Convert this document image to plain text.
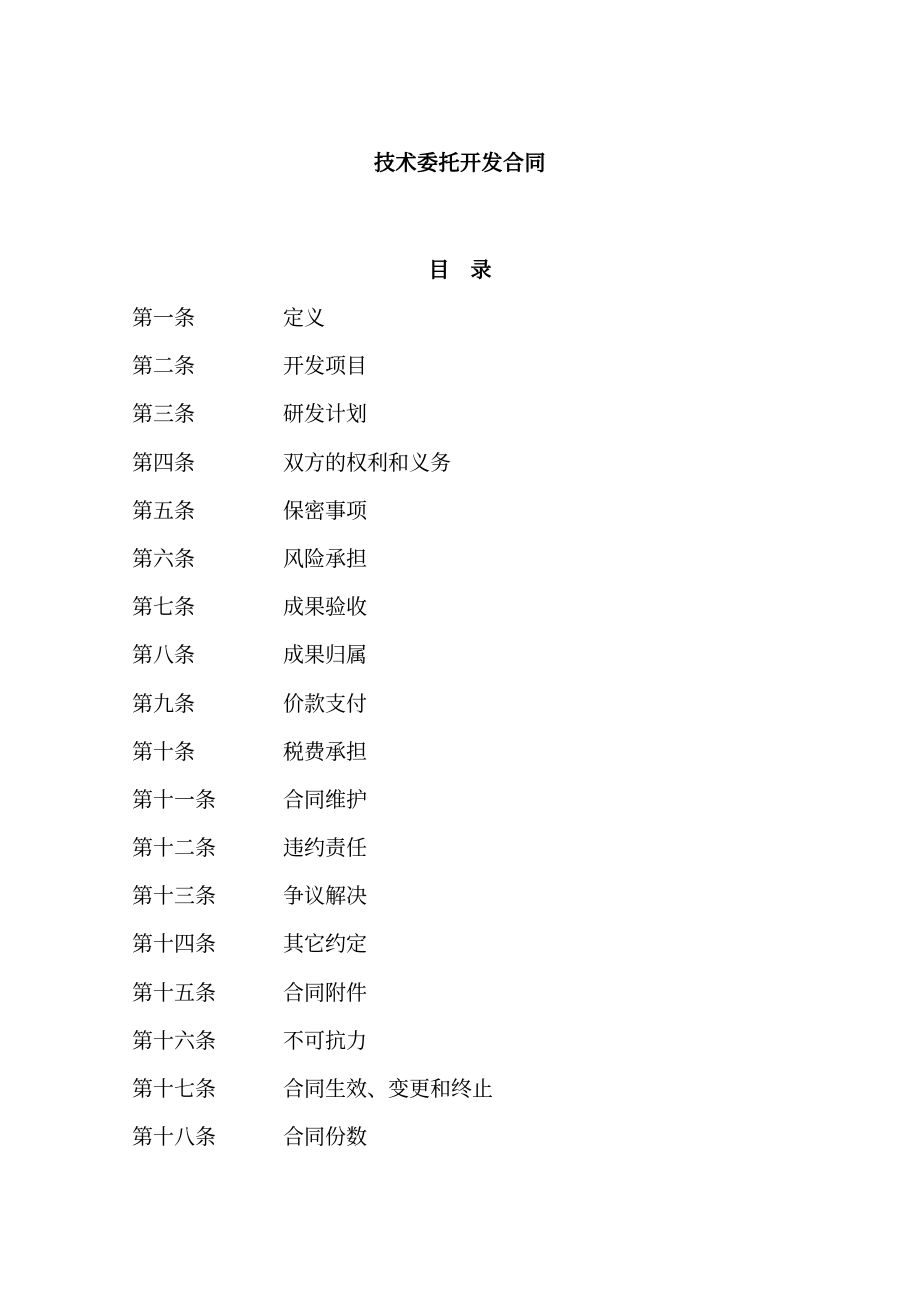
技术委托开发合同
目　录
第一条	定义
第二条	开发项目
第三条	研发计划
第四条	双方的权利和义务
第五条	保密事项
第六条	风险承担
第七条	成果验收
第八条	成果归属
第九条	价款支付
第十条	税费承担
第十一条	合同维护
第十二条	违约责任
第十三条	争议解决
第十四条	其它约定
第十五条	合同附件
第十六条	不可抗力
第十七条	合同生效、变更和终止
第十八条	合同份数
